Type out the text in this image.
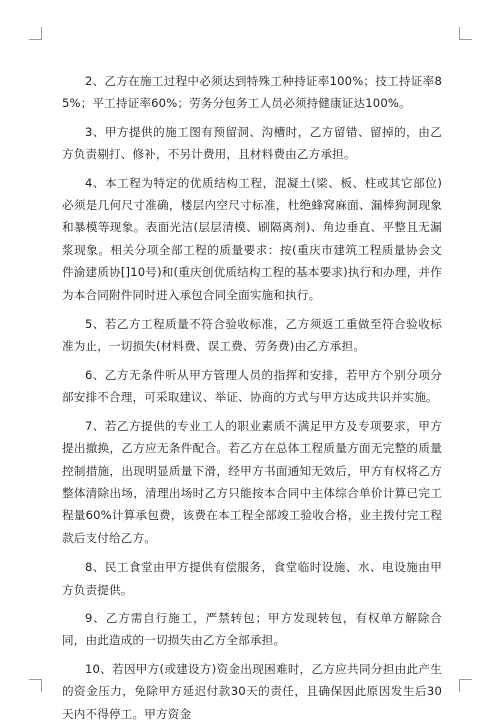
2、乙方在施工过程中必须达到特殊工种持证率100%；技工持证率85%；平工持证率60%；劳务分包务工人员必须持健康证达100%。

3、甲方提供的施工图有预留洞、沟槽时，乙方留错、留掉的，由乙方负责剔打、修补，不另计费用，且材料费由乙方承担。

4、本工程为特定的优质结构工程，混凝土(梁、板、柱或其它部位)必须是几何尺寸准确，楼层内空尺寸标准，杜绝蜂窝麻面、漏棒狗洞现象和暴模等现象。表面光洁(层层清模、刷隔离剂)、角边垂直、平整且无漏浆现象。相关分项全部工程的质量要求：按(重庆市建筑工程质量协会文件渝建质协[]10号)和(重庆创优质结构工程的基本要求)执行和办理，并作为本合同附件同时进入承包合同全面实施和执行。

5、若乙方工程质量不符合验收标准，乙方须返工重做至符合验收标准为止，一切损失(材料费、误工费、劳务费)由乙方承担。

6、乙方无条件听从甲方管理人员的指挥和安排，若甲方个别分项分部安排不合理，可采取建议、举证、协商的方式与甲方达成共识并实施。

7、若乙方提供的专业工人的职业素质不满足甲方及专项要求，甲方提出撤换，乙方应无条件配合。若乙方在总体工程质量方面无完整的质量控制措施，出现明显质量下滑，经甲方书面通知无效后，甲方有权将乙方整体清除出场，清理出场时乙方只能按本合同中主体综合单价计算已完工程量60%计算承包费，该费在本工程全部竣工验收合格，业主拨付完工程款后支付给乙方。

8、民工食堂由甲方提供有偿服务，食堂临时设施、水、电设施由甲方负责提供。

9、乙方需自行施工，严禁转包；甲方发现转包，有权单方解除合同，由此造成的一切损失由乙方全部承担。

10、若因甲方(或建设方)资金出现困难时，乙方应共同分担由此产生的资金压力，免除甲方延迟付款30天的责任，且确保因此原因发生后30天内不得停工。甲方资金
